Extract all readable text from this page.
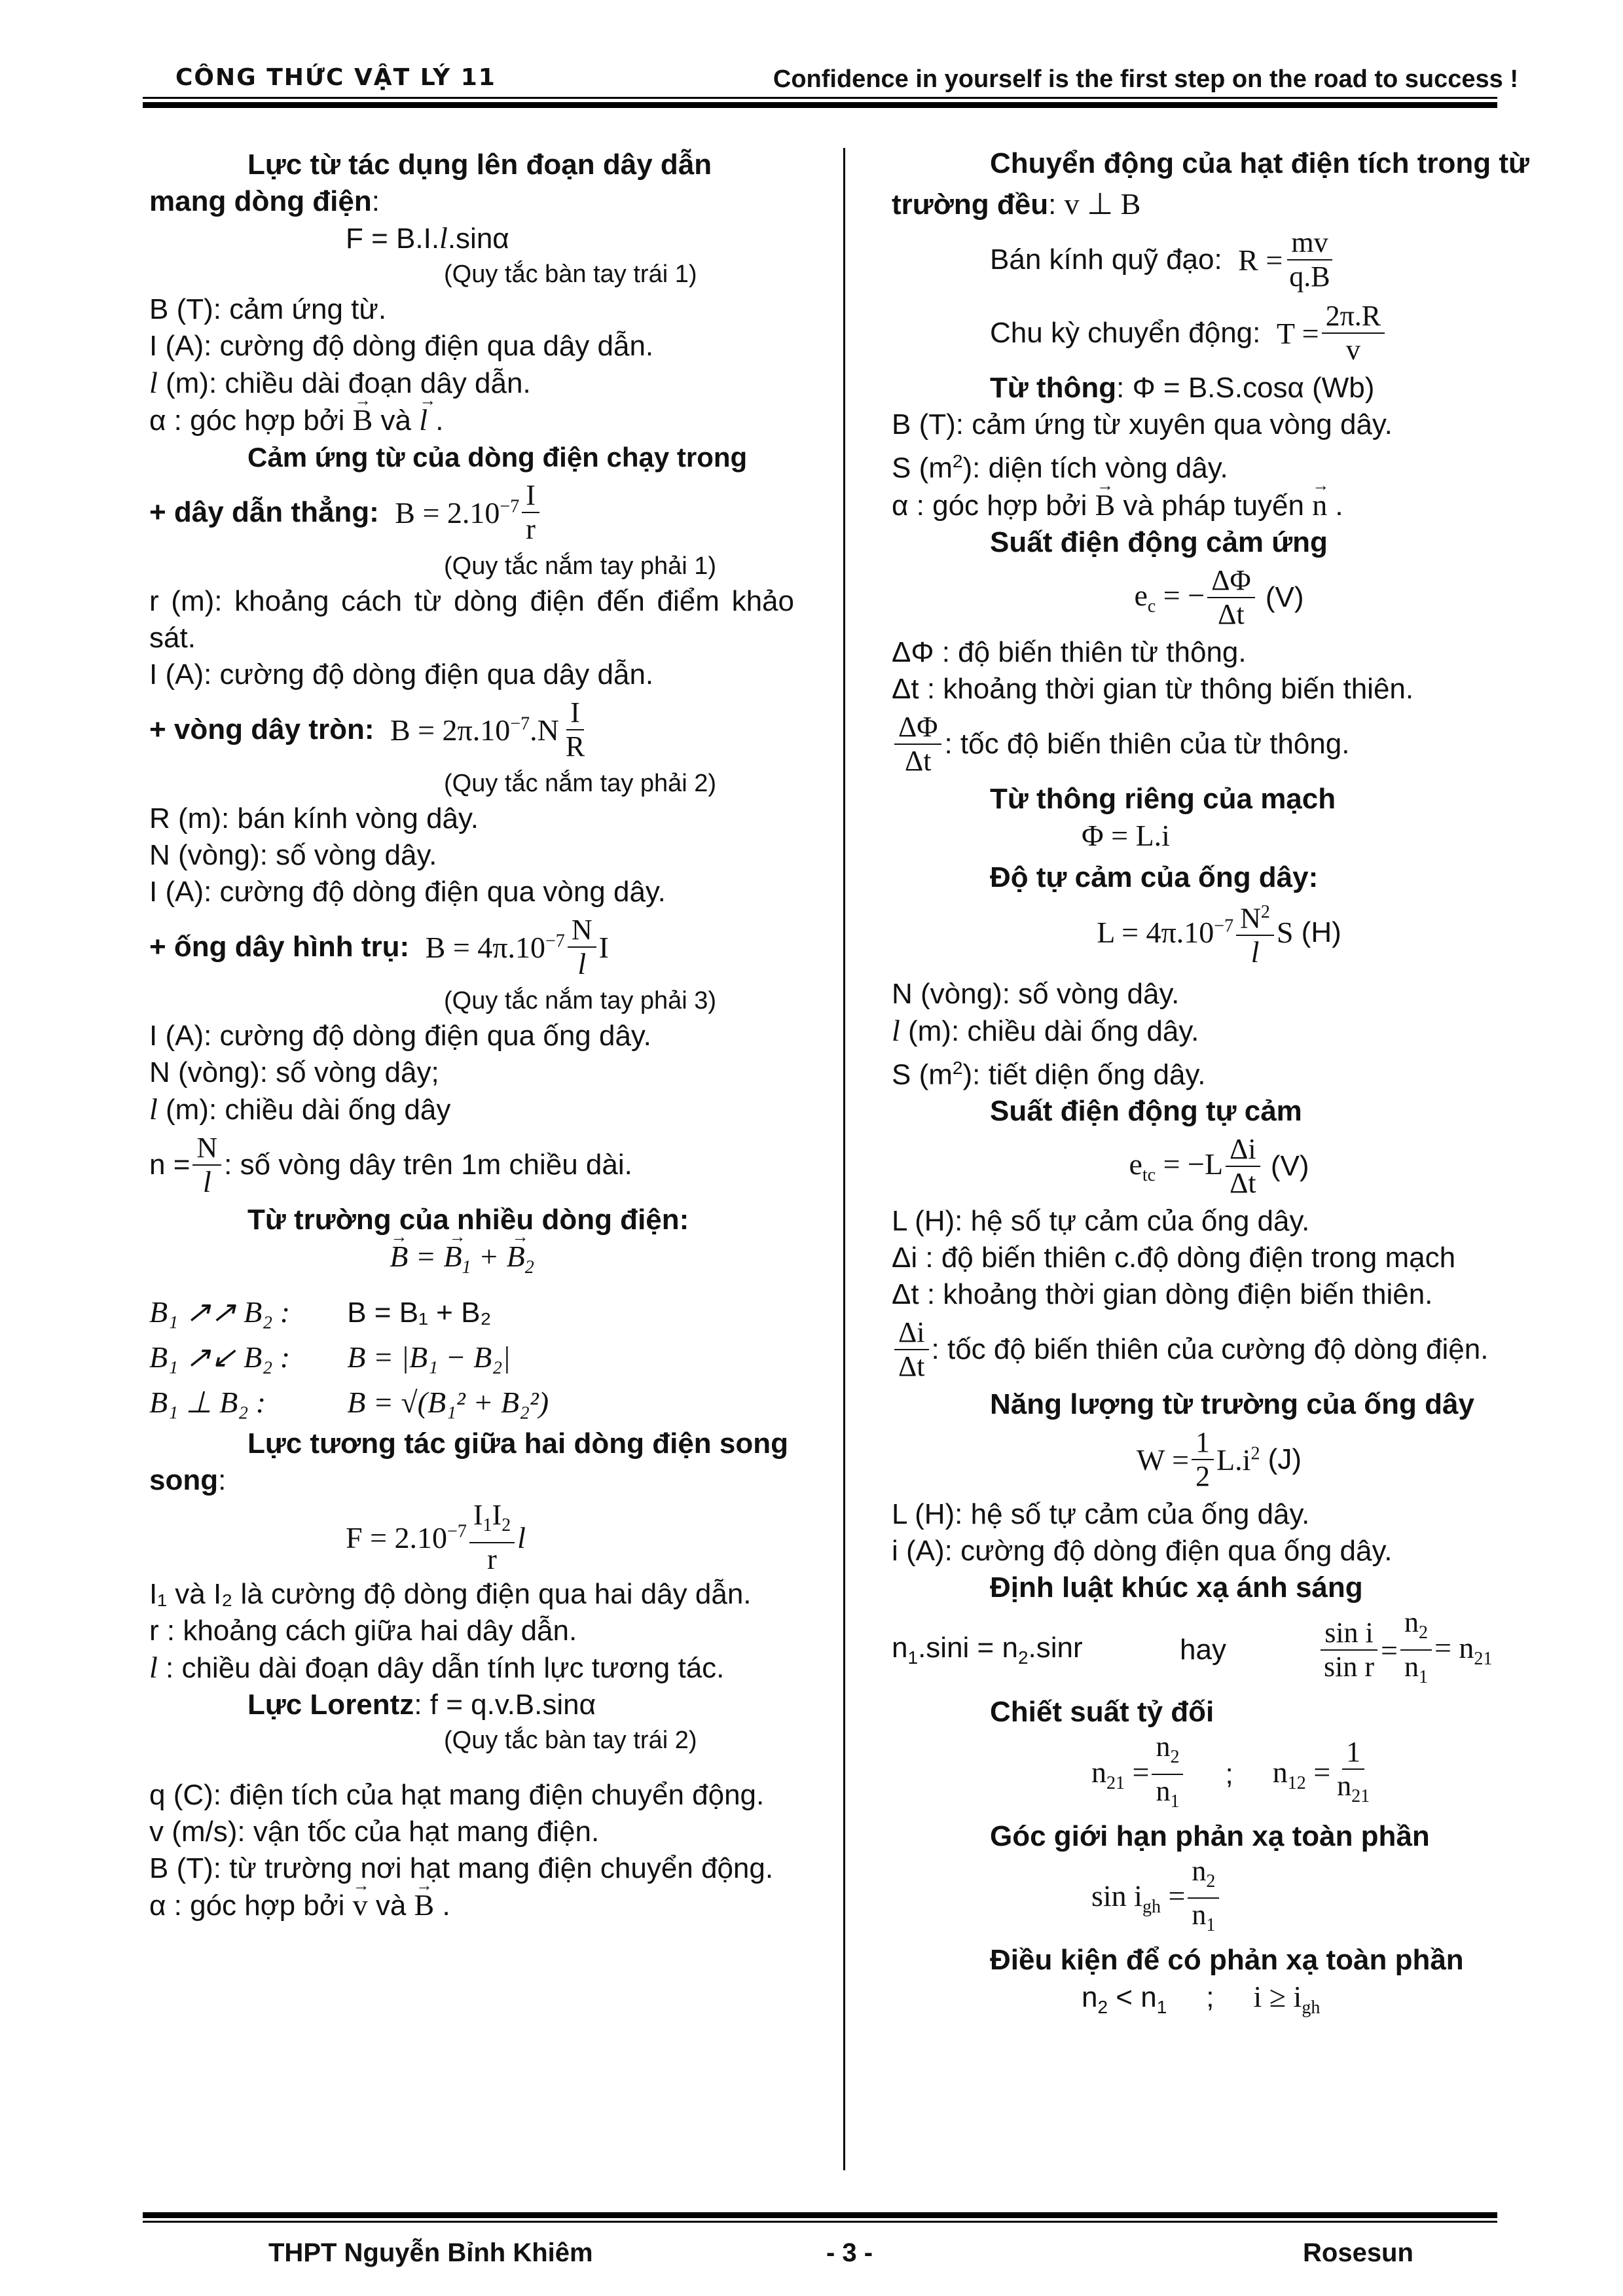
CÔNG THỨC VẬT LÝ 11	Confidence in yourself is the first step on the road to success !
Lực từ tác dụng lên đoạn dây dẫn
mang dòng điện:
F = B.I.l.sinα
(Quy tắc bàn tay trái 1)
B (T): cảm ứng từ.
I (A): cường độ dòng điện qua dây dẫn.
l (m): chiều dài đoạn dây dẫn.
α : góc hợp bởi → B và → l .
Cảm ứng từ của dòng điện chạy trong
+ dây dẫn thẳng:
$B = 2.10^{-7} \frac{I}{r}$
(Quy tắc nắm tay phải 1)
r (m): khoảng cách từ dòng điện đến điểm khảo sát.
I (A): cường độ dòng điện qua dây dẫn.
+ vòng dây tròn:
$B = 2\pi.10^{-7}.N \frac{I}{R}$
(Quy tắc nắm tay phải 2)
R (m): bán kính vòng dây.
N (vòng): số vòng dây.
I (A): cường độ dòng điện qua vòng dây.
+ ống dây hình trụ:
$B = 4\pi.10^{-7} \frac{N}{l}$ I
(Quy tắc nắm tay phải 3)
I (A): cường độ dòng điện qua ống dây.
N (vòng): số vòng dây;
l (m): chiều dài ống dây
$n = \frac{N}{l}$ : số vòng dây trên 1m chiều dài.
Từ trường của nhiều dòng điện:
→ B = → $B_1$ + → $B_2$
B₁ ↗↗ B₂ : B = B₁ + B₂
B₁ ↗↙ B₂ : B = |B₁ − B₂|
B₁ ⊥ B₂ :	B = √(B₁² + B₂²)
Lực tương tác giữa hai dòng điện song
song:
$F = 2.10^{-7} \frac{I_1I_2}{r}$ l
I₁ và I₂ là cường độ dòng điện qua hai dây dẫn.
r : khoảng cách giữa hai dây dẫn.
l : chiều dài đoạn dây dẫn tính lực tương tác.
Lực Lorentz: f = q.v.B.sinα
(Quy tắc bàn tay trái 2)
q (C): điện tích của hạt mang điện chuyển động.
v (m/s): vận tốc của hạt mang điện.
B (T): từ trường nơi hạt mang điện chuyển động.
α : góc hợp bởi → v và → B .
Chuyển động của hạt điện tích trong từ
trường đều: v ⊥ B
Bán kính quỹ đạo:
$R = \frac{mv}{q.B}$
Chu kỳ chuyển động:
$T = \frac{2\pi.R}{v}$
Từ thông: Φ = B.S.cosα (Wb)
B (T): cảm ứng từ xuyên qua vòng dây.
S $(m^2)$: diện tích vòng dây.
α : góc hợp bởi → B và pháp tuyến → n .
Suất điện động cảm ứng
$e_c$ = − $\frac{\Delta\Phi}{\Delta t} (V)$
ΔΦ : độ biến thiên từ thông.
Δt : khoảng thời gian từ thông biến thiên.
$\frac{\Delta\Phi}{\Delta t}$ : tốc độ biến thiên của từ thông.
Từ thông riêng của mạch
Φ = L.i
Độ tự cảm của ống dây:
$L = 4\pi.10^{-7} \frac{N^2}{l}$ S (H)
N (vòng): số vòng dây.
l (m): chiều dài ống dây.
S $(m^2)$: tiết diện ống dây.
Suất điện động tự cảm
$e_{tc} = -L \frac{\Delta i}{\Delta t} (V)$
L (H): hệ số tự cảm của ống dây.
Δi : độ biến thiên c.độ dòng điện trong mạch
Δt : khoảng thời gian dòng điện biến thiên.
$\frac{\Delta i}{\Delta t}$ : tốc độ biến thiên của cường độ dòng điện.
Năng lượng từ trường của ống dây
$W = \frac{1}{2} L.i^2$ (J)
L (H): hệ số tự cảm của ống dây.
i (A): cường độ dòng điện qua ống dây.
Định luật khúc xạ ánh sáng
$n_1.\sin i = n_2.\sin r$	hay	$\frac{\text{sin i}}{\text{sin r}} = \frac{n_2}{n_1} = n_{21}$
Chiết suất tỷ đối
$n_{21} = \frac{n_2}{n_1}$	;	$n_{12} = \frac{1}{n_{21}}$
Góc giới hạn phản xạ toàn phần
$\sin i_{gh} = \frac{n_2}{n_1}$
Điều kiện để có phản xạ toàn phần
$n_2 < n_1$ ; $i \ge i_{gh}$
THPT Nguyễn Bỉnh Khiêm	- 3 -	Rosesun
